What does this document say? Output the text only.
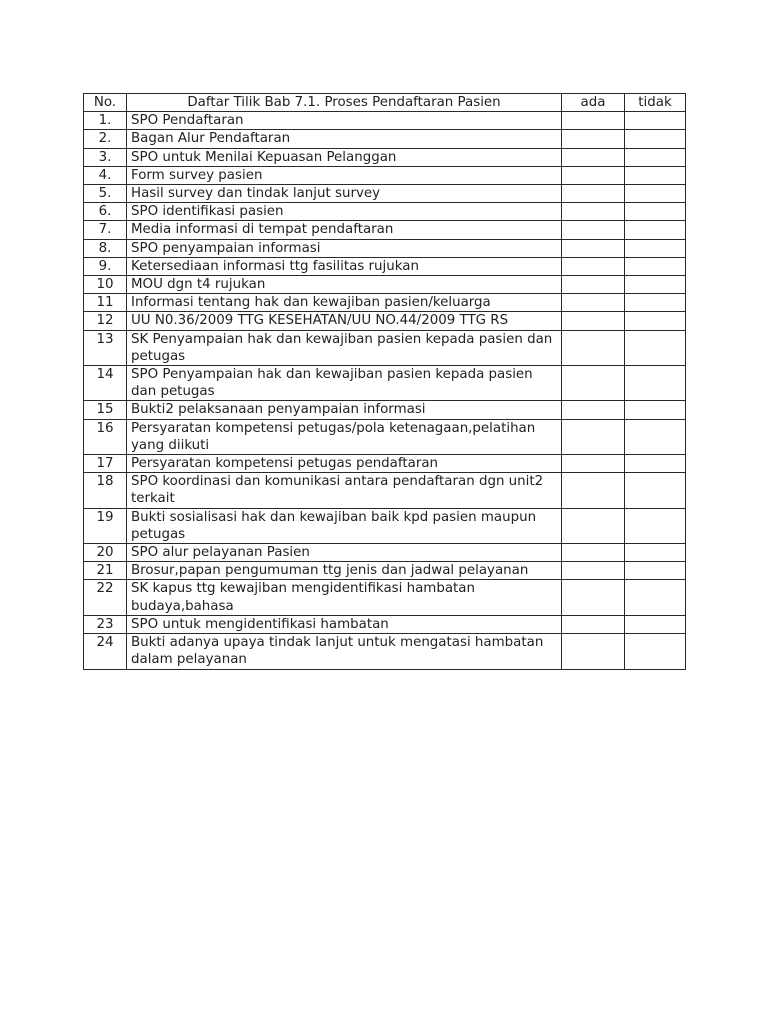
No.	Daftar Tilik Bab 7.1. Proses Pendaftaran Pasien	ada	tidak
1.	SPO Pendaftaran		
2.	Bagan Alur Pendaftaran		
3.	SPO untuk Menilai Kepuasan Pelanggan		
4.	Form survey pasien		
5.	Hasil survey dan tindak lanjut survey		
6.	SPO identifikasi pasien		
7.	Media informasi di tempat pendaftaran		
8.	SPO penyampaian informasi		
9.	Ketersediaan informasi ttg fasilitas rujukan		
10	MOU dgn t4 rujukan		
11	Informasi tentang hak dan kewajiban pasien/keluarga		
12	UU N0.36/2009 TTG KESEHATAN/UU NO.44/2009 TTG RS		
13	SK Penyampaian hak dan kewajiban pasien kepada pasien dan petugas		
14	SPO Penyampaian hak dan kewajiban pasien kepada pasien dan petugas		
15	Bukti2 pelaksanaan penyampaian informasi		
16	Persyaratan kompetensi petugas/pola ketenagaan,pelatihan yang diikuti		
17	Persyaratan kompetensi petugas pendaftaran		
18	SPO koordinasi dan komunikasi antara pendaftaran dgn unit2 terkait		
19	Bukti sosialisasi hak dan kewajiban baik kpd pasien maupun petugas		
20	SPO alur pelayanan Pasien		
21	Brosur,papan pengumuman ttg jenis dan jadwal pelayanan		
22	SK kapus ttg kewajiban mengidentifikasi hambatan budaya,bahasa		
23	SPO untuk mengidentifikasi hambatan		
24	Bukti adanya upaya tindak lanjut untuk mengatasi hambatan dalam pelayanan		
